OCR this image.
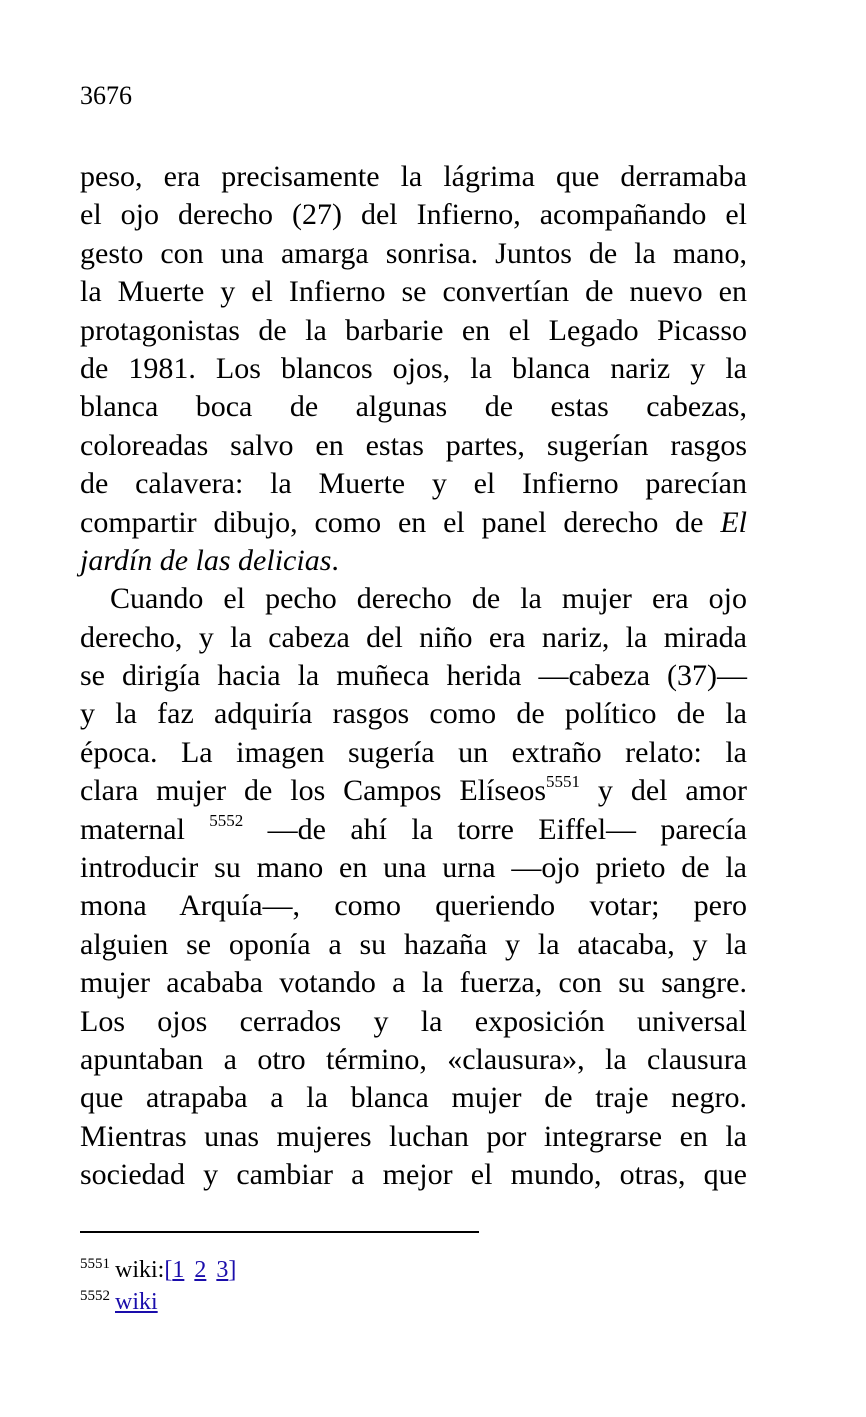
3676
peso, era precisamente la lágrima que derramaba
el ojo derecho (27) del Infierno, acompañando el
gesto con una amarga sonrisa. Juntos de la mano,
la Muerte y el Infierno se convertían de nuevo en
protagonistas de la barbarie en el Legado Picasso
de 1981. Los blancos ojos, la blanca nariz y la
blanca boca de algunas de estas cabezas,
coloreadas salvo en estas partes, sugerían rasgos
de calavera: la Muerte y el Infierno parecían
compartir dibujo, como en el panel derecho de El
jardín de las delicias.
Cuando el pecho derecho de la mujer era ojo
derecho, y la cabeza del niño era nariz, la mirada
se dirigía hacia la muñeca herida —cabeza (37)—
y la faz adquiría rasgos como de político de la
época. La imagen sugería un extraño relato: la
clara mujer de los Campos Elíseos$^{5551}$ y del amor
maternal $^{5552}$ —de ahí la torre Eiffel— parecía
introducir su mano en una urna —ojo prieto de la
mona Arquía—, como queriendo votar; pero
alguien se oponía a su hazaña y la atacaba, y la
mujer acababa votando a la fuerza, con su sangre.
Los ojos cerrados y la exposición universal
apuntaban a otro término, «clausura», la clausura
que atrapaba a la blanca mujer de traje negro.
Mientras unas mujeres luchan por integrarse en la
sociedad y cambiar a mejor el mundo, otras, que
$^{5551}$ wiki:[1 2 3]
$^{5552}$ wiki
